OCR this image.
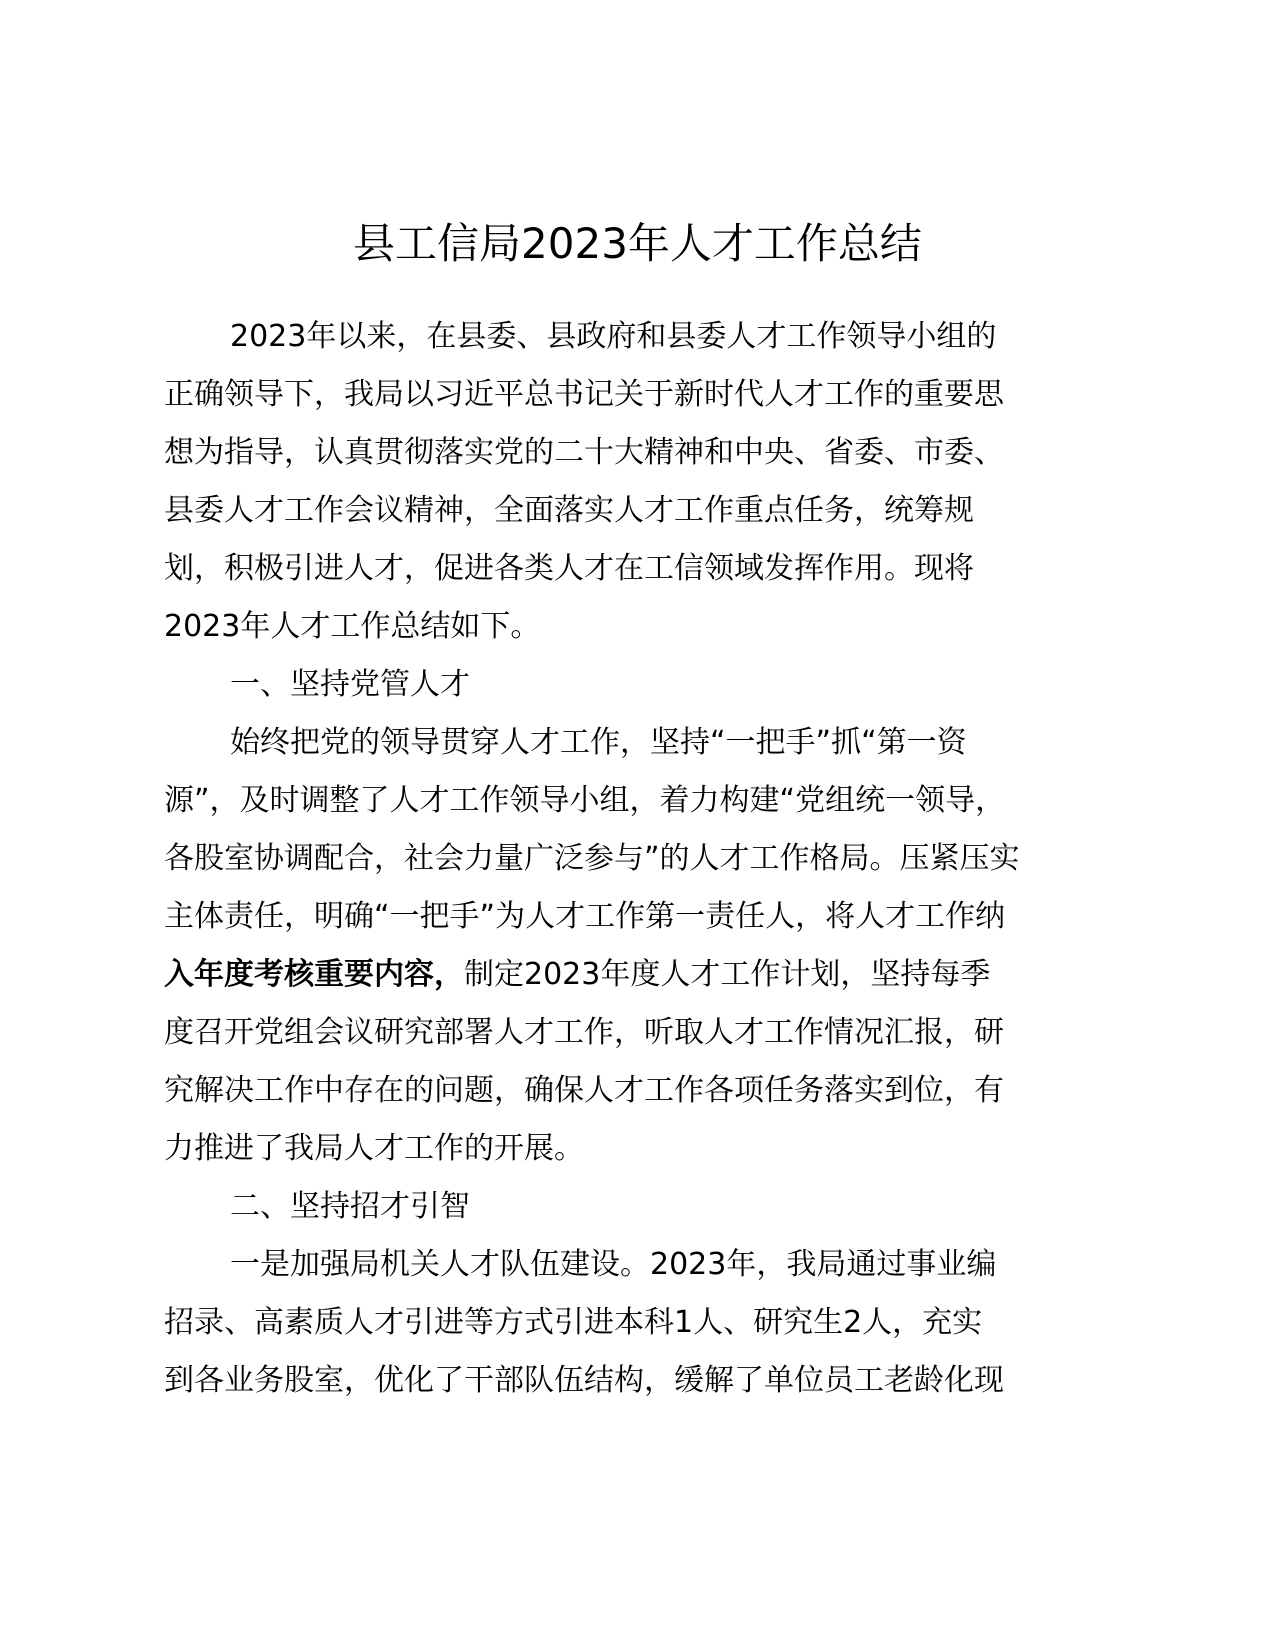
县工信局2023年人才工作总结
2023年以来，在县委、县政府和县委人才工作领导小组的
正确领导下，我局以习近平总书记关于新时代人才工作的重要思
想为指导，认真贯彻落实党的二十大精神和中央、省委、市委、
县委人才工作会议精神，全面落实人才工作重点任务，统筹规
划，积极引进人才，促进各类人才在工信领域发挥作用。现将
2023年人才工作总结如下。
一、坚持党管人才
始终把党的领导贯穿人才工作，坚持“一把手”抓“第一资
源”，及时调整了人才工作领导小组，着力构建“党组统一领导，
各股室协调配合，社会力量广泛参与”的人才工作格局。压紧压实
主体责任，明确“一把手”为人才工作第一责任人，将人才工作纳
入年度考核重要内容，制定2023年度人才工作计划，坚持每季
度召开党组会议研究部署人才工作，听取人才工作情况汇报，研
究解决工作中存在的问题，确保人才工作各项任务落实到位，有
力推进了我局人才工作的开展。
二、坚持招才引智
一是加强局机关人才队伍建设。2023年，我局通过事业编
招录、高素质人才引进等方式引进本科1人、研究生2人，充实
到各业务股室，优化了干部队伍结构，缓解了单位员工老龄化现
